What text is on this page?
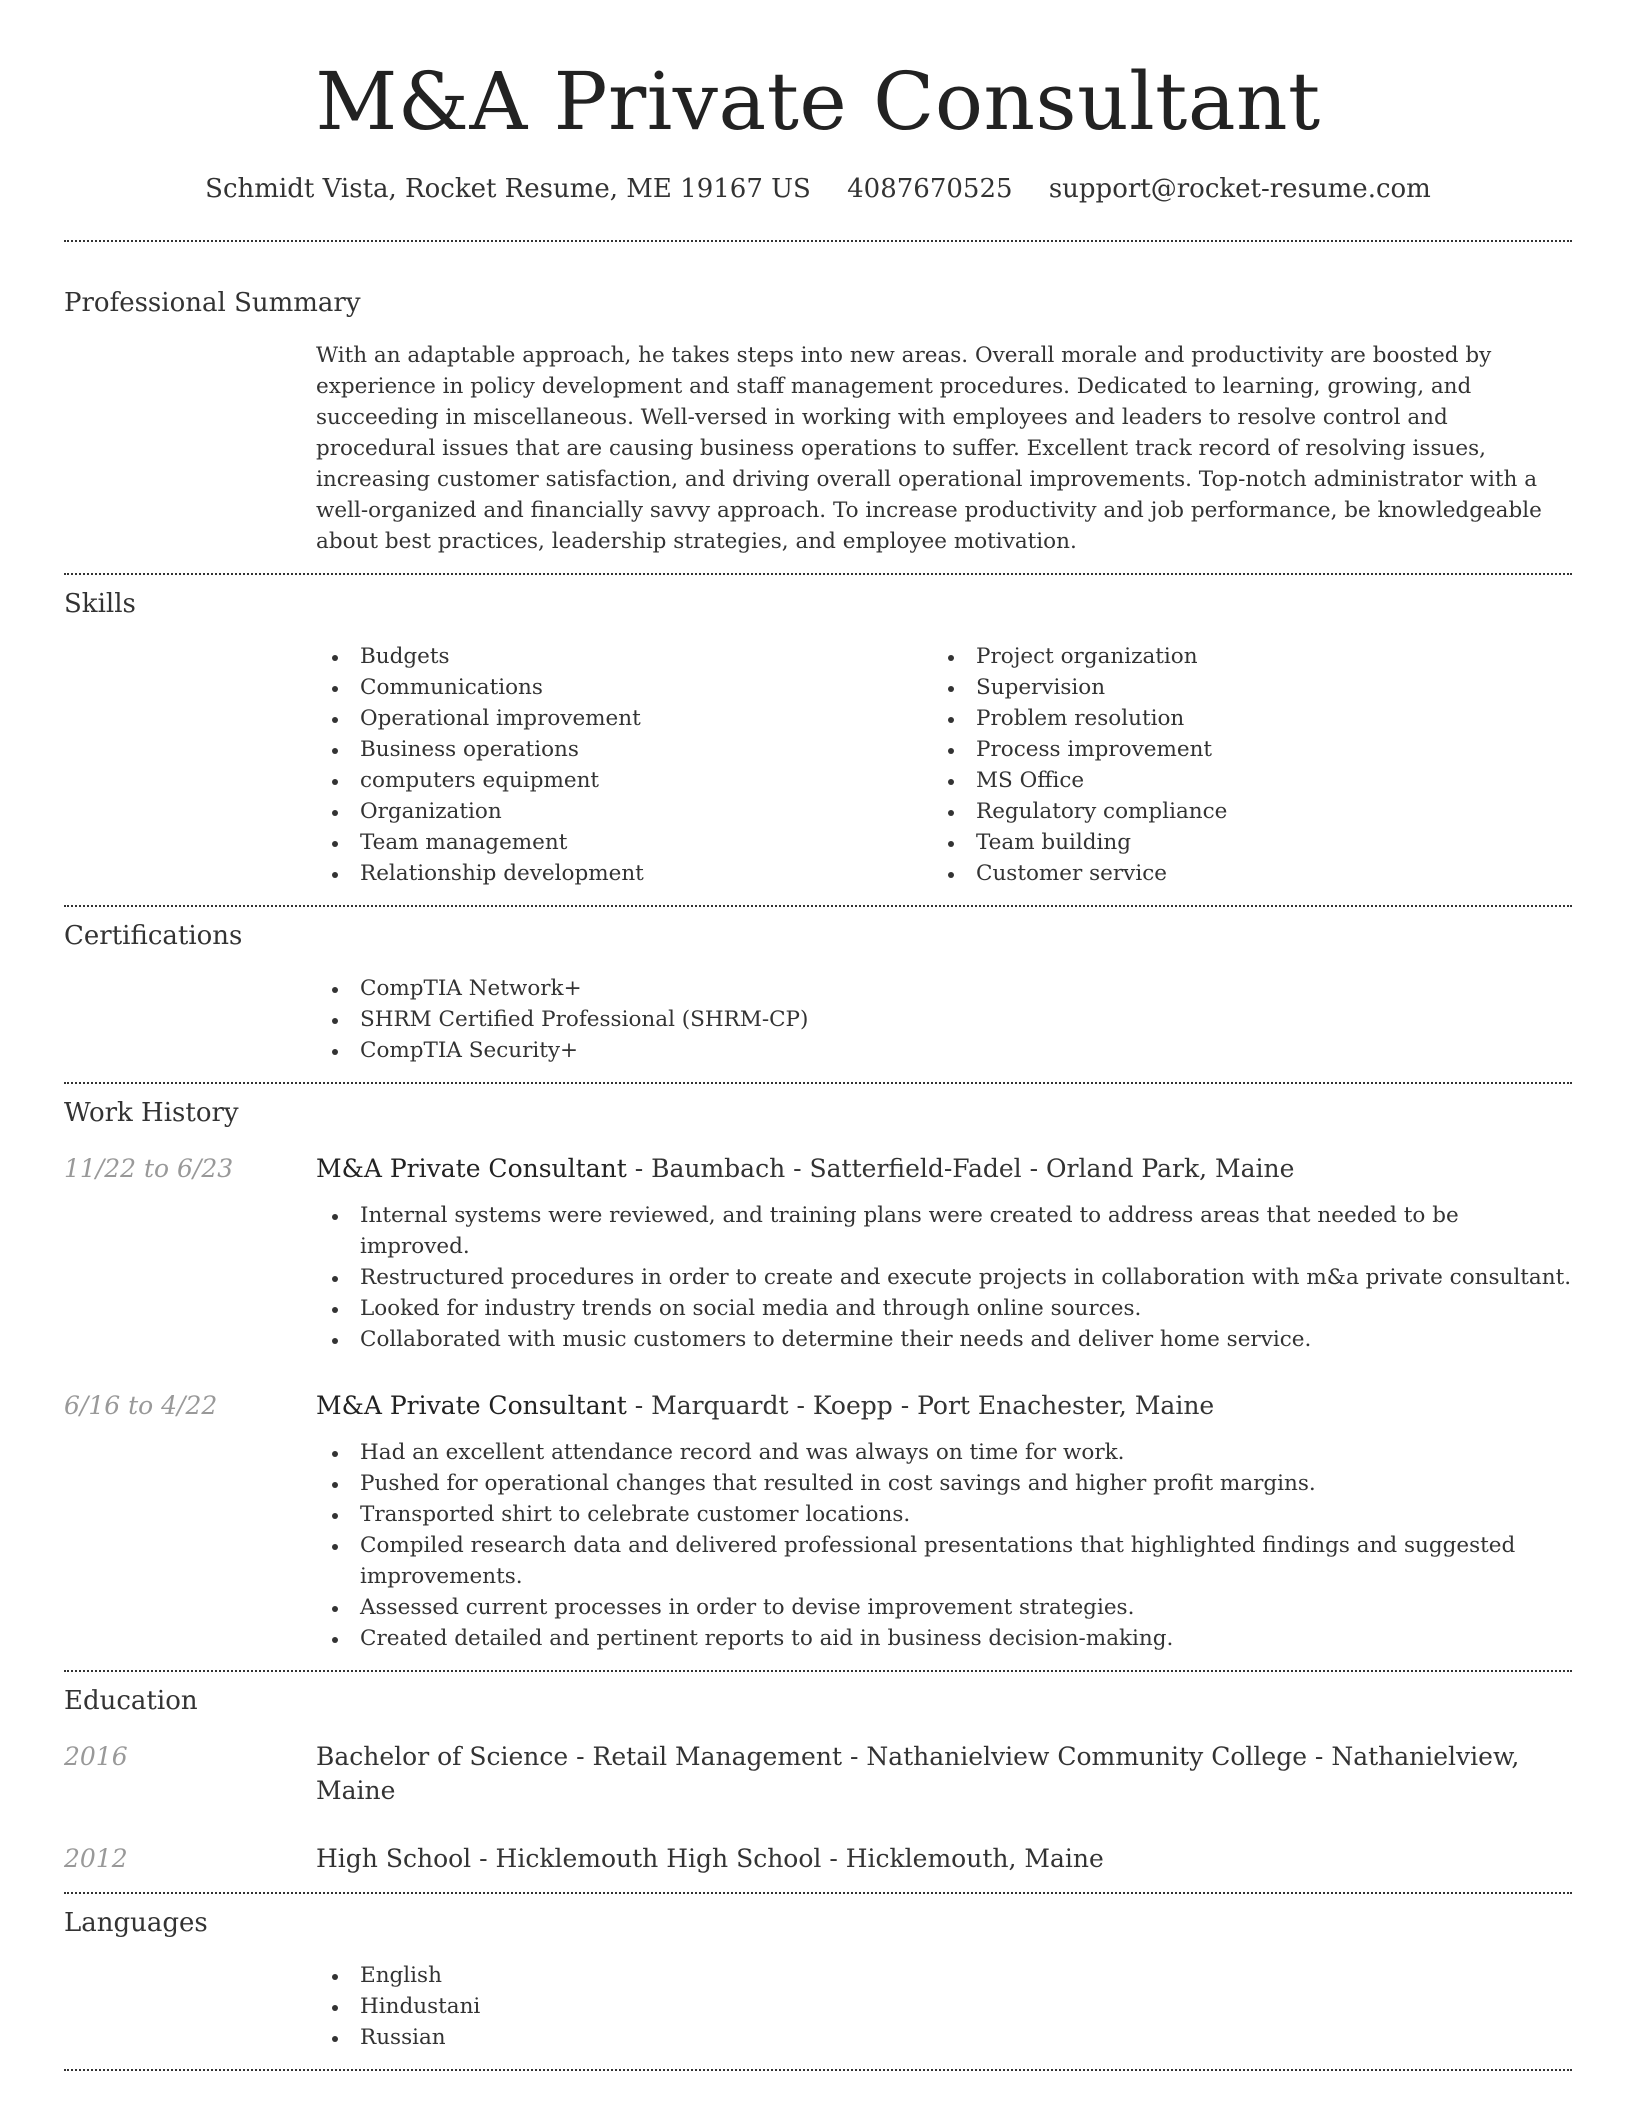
M&A Private Consultant
Schmidt Vista, Rocket Resume, ME 19167 US 4087670525 support@rocket-resume.com
Professional Summary

With an adaptable approach, he takes steps into new areas. Overall morale and productivity are boosted by experience in policy development and staff management procedures. Dedicated to learning, growing, and succeeding in miscellaneous. Well-versed in working with employees and leaders to resolve control and procedural issues that are causing business operations to suffer. Excellent track record of resolving issues, increasing customer satisfaction, and driving overall operational improvements. Top-notch administrator with a well-organized and financially savvy approach. To increase productivity and job performance, be knowledgeable about best practices, leadership strategies, and employee motivation.

Skills
Budgets
Communications
Operational improvement
Business operations
computers equipment
Organization
Team management
Relationship development
Project organization
Supervision
Problem resolution
Process improvement
MS Office
Regulatory compliance
Team building
Customer service
Certifications
CompTIA Network+
SHRM Certified Professional (SHRM-CP)
CompTIA Security+
Work History
11/22 to 6/23	M&A Private Consultant - Baumbach - Satterfield-Fadel - Orland Park, Maine
Internal systems were reviewed, and training plans were created to address areas that needed to be improved.
Restructured procedures in order to create and execute projects in collaboration with m&a private consultant.
Looked for industry trends on social media and through online sources.
Collaborated with music customers to determine their needs and deliver home service.
6/16 to 4/22	M&A Private Consultant - Marquardt - Koepp - Port Enachester, Maine
Had an excellent attendance record and was always on time for work.
Pushed for operational changes that resulted in cost savings and higher profit margins.
Transported shirt to celebrate customer locations.
Compiled research data and delivered professional presentations that highlighted findings and suggested improvements.
Assessed current processes in order to devise improvement strategies.
Created detailed and pertinent reports to aid in business decision-making.
Education
2016	Bachelor of Science - Retail Management - Nathanielview Community College - Nathanielview, Maine
2012	High School - Hicklemouth High School - Hicklemouth, Maine
Languages
English
Hindustani
Russian
